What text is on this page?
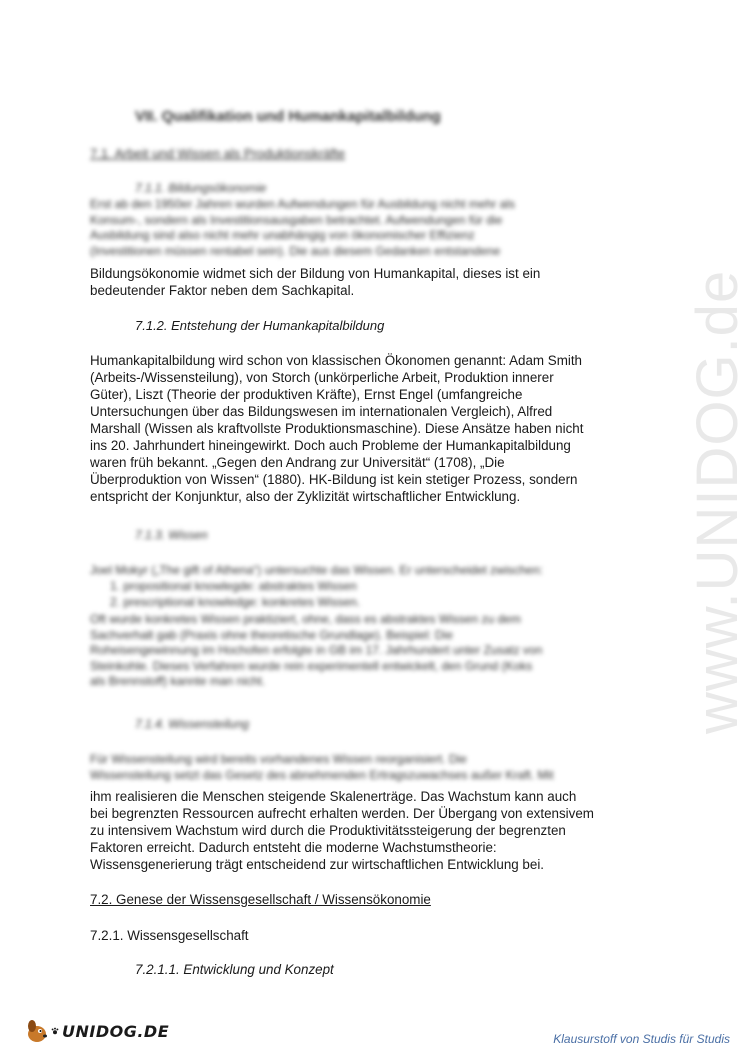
www.UNIDOG.de
VII. Qualifikation und Humankapitalbildung
7.1. Arbeit und Wissen als Produktionskräfte
7.1.1. Bildungsökonomie
Erst ab den 1950er Jahren wurden Aufwendungen für Ausbildung nicht mehr als
Konsum-, sondern als Investitionsausgaben betrachtet. Aufwendungen für die
Ausbildung sind also nicht mehr unabhängig von ökonomischer Effizienz
(Investitionen müssen rentabel sein). Die aus diesem Gedanken entstandene
Bildungsökonomie widmet sich der Bildung von Humankapital, dieses ist ein
bedeutender Faktor neben dem Sachkapital.
7.1.2. Entstehung der Humankapitalbildung
Humankapitalbildung wird schon von klassischen Ökonomen genannt: Adam Smith
(Arbeits-/Wissensteilung), von Storch (unkörperliche Arbeit, Produktion innerer
Güter), Liszt (Theorie der produktiven Kräfte), Ernst Engel (umfangreiche
Untersuchungen über das Bildungswesen im internationalen Vergleich), Alfred
Marshall (Wissen als kraftvollste Produktionsmaschine). Diese Ansätze haben nicht
ins 20. Jahrhundert hineingewirkt. Doch auch Probleme der Humankapitalbildung
waren früh bekannt. „Gegen den Andrang zur Universität“ (1708), „Die
Überproduktion von Wissen“ (1880). HK-Bildung ist kein stetiger Prozess, sondern
entspricht der Konjunktur, also der Zyklizität wirtschaftlicher Entwicklung.
7.1.3. Wissen
Joel Mokyr („The gift of Athena“) untersuchte das Wissen. Er unterscheidet zwischen:
1. propositional knowlegde: abstraktes Wissen
2. prescriptional knowledge: konkretes Wissen.
Oft wurde konkretes Wissen praktiziert, ohne, dass es abstraktes Wissen zu dem
Sachverhalt gab (Praxis ohne theoretische Grundlage). Beispiel: Die
Roheisengewinnung im Hochofen erfolgte in GB im 17. Jahrhundert unter Zusatz von
Steinkohle. Dieses Verfahren wurde rein experimentell entwickelt, den Grund (Koks
als Brennstoff) kannte man nicht.
7.1.4. Wissensteilung
Für Wissensteilung wird bereits vorhandenes Wissen reorganisiert. Die
Wissensteilung setzt das Gesetz des abnehmenden Ertragszuwachses außer Kraft. Mit
ihm realisieren die Menschen steigende Skalenerträge. Das Wachstum kann auch
bei begrenzten Ressourcen aufrecht erhalten werden. Der Übergang von extensivem
zu intensivem Wachstum wird durch die Produktivitätssteigerung der begrenzten
Faktoren erreicht. Dadurch entsteht die moderne Wachstumstheorie:
Wissensgenerierung trägt entscheidend zur wirtschaftlichen Entwicklung bei.
7.2. Genese der Wissensgesellschaft / Wissensökonomie
7.2.1. Wissensgesellschaft
7.2.1.1. Entwicklung und Konzept
UNIDOG.DE	Klausurstoff von Studis für Studis
